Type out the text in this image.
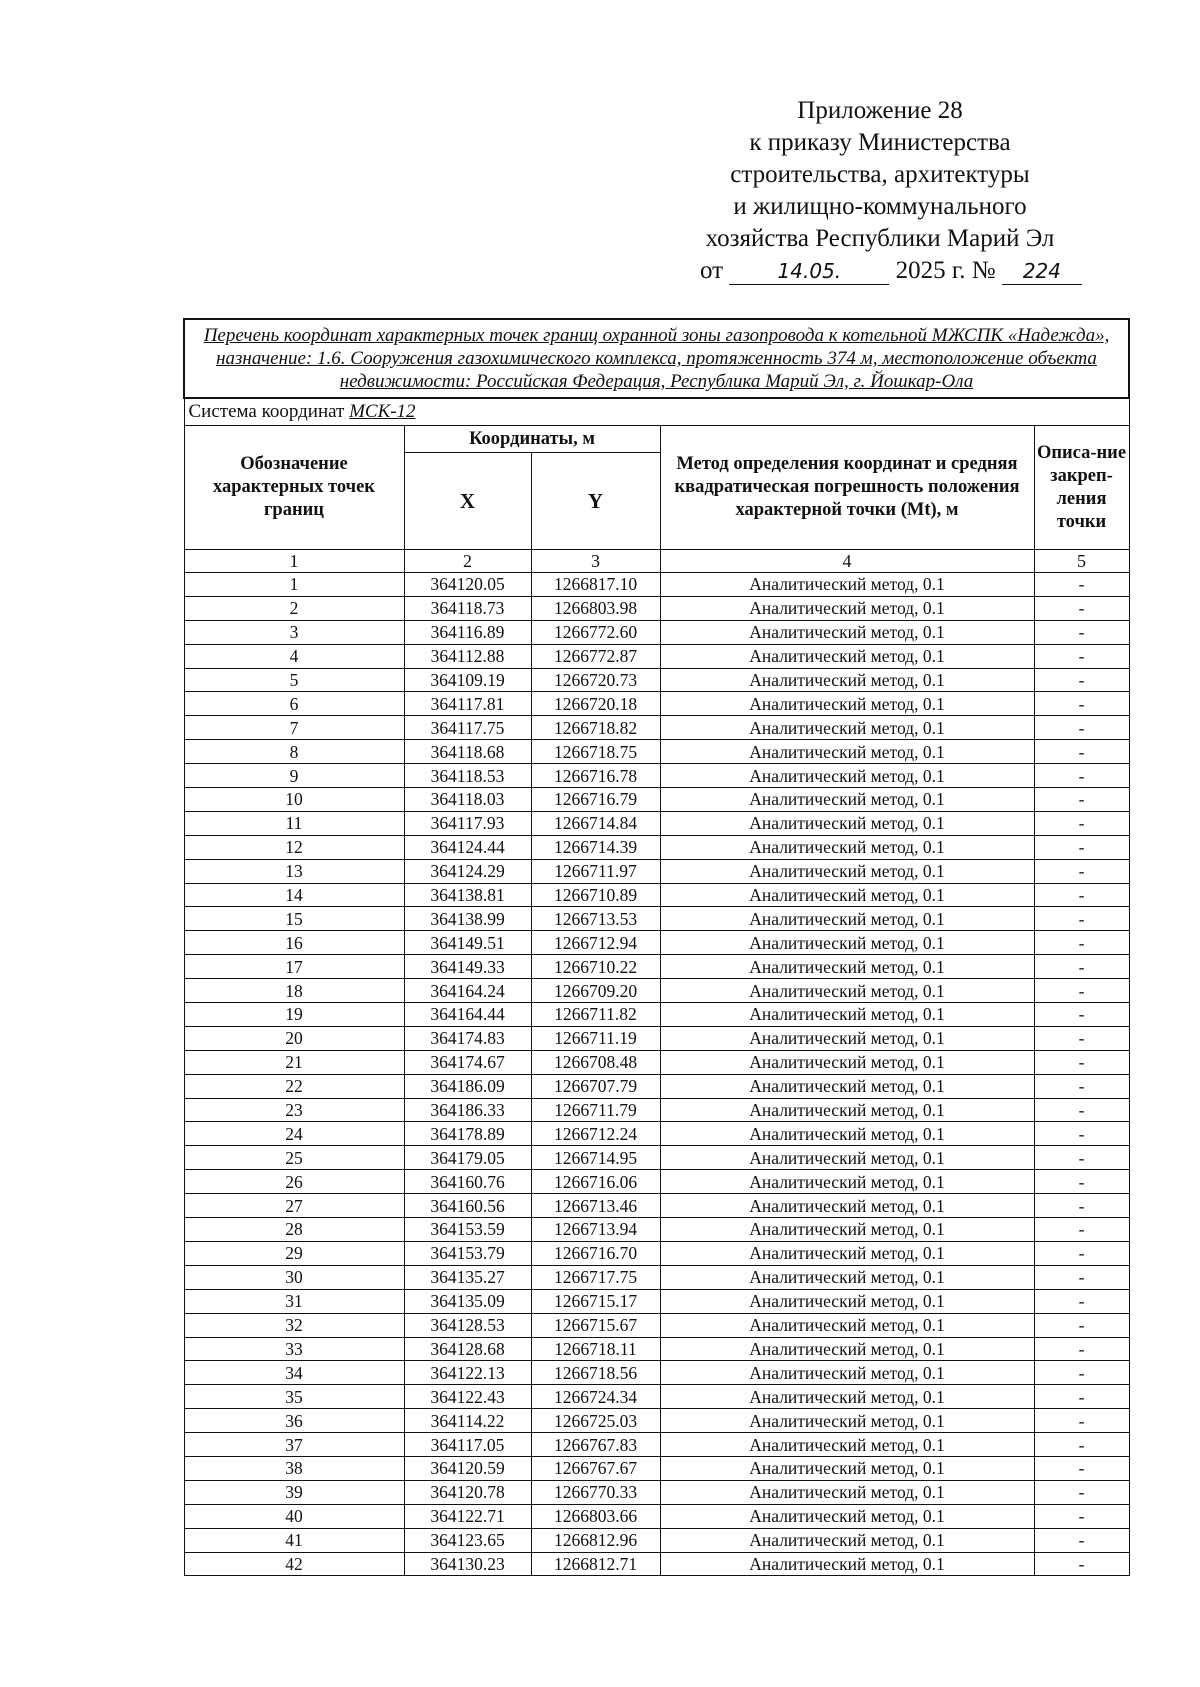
Приложение 28
к приказу Министерства
строительства, архитектуры
и жилищно-коммунального
хозяйства Республики Марий Эл
от	14.05. 2025 г. № 224
Перечень координат характерных точек границ охранной зоны газопровода к котельной МЖСПК «Надежда», назначение: 1.6. Сооружения газохимического комплекса, протяженность 374 м, местоположение объекта недвижимости: Российская Федерация, Республика Марий Эл, г. Йошкар-Ола				
Система координат МСК-12				
Обозначение характерных точек границ	Координаты, м		Метод определения координат и средняя квадратическая погрешность положения характерной точки (Mt), м	Описа-ние закреп-ления точки
	X	Y		
1	2	3	4	5
1	364120.05	1266817.10	Аналитический метод, 0.1	-
2	364118.73	1266803.98	Аналитический метод, 0.1	-
3	364116.89	1266772.60	Аналитический метод, 0.1	-
4	364112.88	1266772.87	Аналитический метод, 0.1	-
5	364109.19	1266720.73	Аналитический метод, 0.1	-
6	364117.81	1266720.18	Аналитический метод, 0.1	-
7	364117.75	1266718.82	Аналитический метод, 0.1	-
8	364118.68	1266718.75	Аналитический метод, 0.1	-
9	364118.53	1266716.78	Аналитический метод, 0.1	-
10	364118.03	1266716.79	Аналитический метод, 0.1	-
11	364117.93	1266714.84	Аналитический метод, 0.1	-
12	364124.44	1266714.39	Аналитический метод, 0.1	-
13	364124.29	1266711.97	Аналитический метод, 0.1	-
14	364138.81	1266710.89	Аналитический метод, 0.1	-
15	364138.99	1266713.53	Аналитический метод, 0.1	-
16	364149.51	1266712.94	Аналитический метод, 0.1	-
17	364149.33	1266710.22	Аналитический метод, 0.1	-
18	364164.24	1266709.20	Аналитический метод, 0.1	-
19	364164.44	1266711.82	Аналитический метод, 0.1	-
20	364174.83	1266711.19	Аналитический метод, 0.1	-
21	364174.67	1266708.48	Аналитический метод, 0.1	-
22	364186.09	1266707.79	Аналитический метод, 0.1	-
23	364186.33	1266711.79	Аналитический метод, 0.1	-
24	364178.89	1266712.24	Аналитический метод, 0.1	-
25	364179.05	1266714.95	Аналитический метод, 0.1	-
26	364160.76	1266716.06	Аналитический метод, 0.1	-
27	364160.56	1266713.46	Аналитический метод, 0.1	-
28	364153.59	1266713.94	Аналитический метод, 0.1	-
29	364153.79	1266716.70	Аналитический метод, 0.1	-
30	364135.27	1266717.75	Аналитический метод, 0.1	-
31	364135.09	1266715.17	Аналитический метод, 0.1	-
32	364128.53	1266715.67	Аналитический метод, 0.1	-
33	364128.68	1266718.11	Аналитический метод, 0.1	-
34	364122.13	1266718.56	Аналитический метод, 0.1	-
35	364122.43	1266724.34	Аналитический метод, 0.1	-
36	364114.22	1266725.03	Аналитический метод, 0.1	-
37	364117.05	1266767.83	Аналитический метод, 0.1	-
38	364120.59	1266767.67	Аналитический метод, 0.1	-
39	364120.78	1266770.33	Аналитический метод, 0.1	-
40	364122.71	1266803.66	Аналитический метод, 0.1	-
41	364123.65	1266812.96	Аналитический метод, 0.1	-
42	364130.23	1266812.71	Аналитический метод, 0.1	-
